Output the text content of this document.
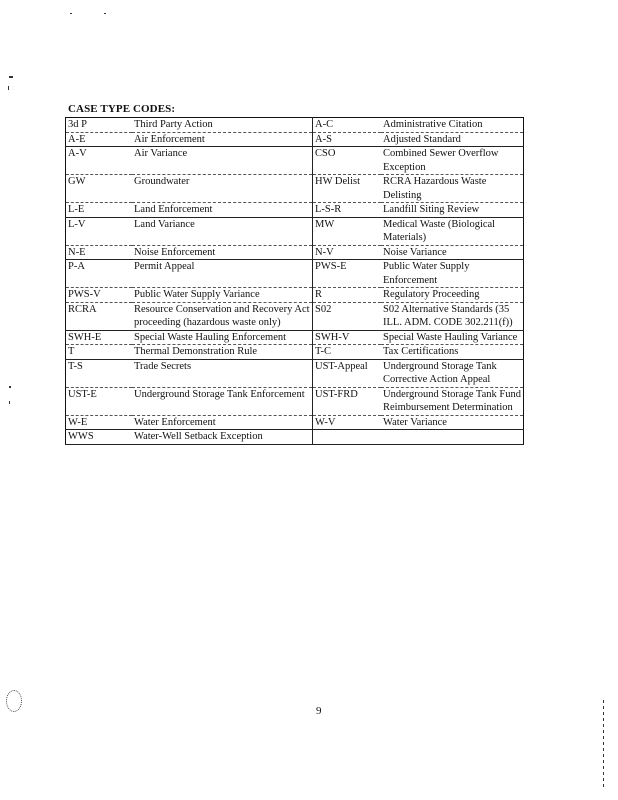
CASE TYPE CODES:
3d P	Third Party Action	A-C	Administrative Citation
A-E	Air Enforcement	A-S	Adjusted Standard
A-V	Air Variance	CSO	Combined Sewer Overflow Exception
GW	Groundwater	HW Delist	RCRA Hazardous Waste Delisting
L-E	Land Enforcement	L-S-R	Landfill Siting Review
L-V	Land Variance	MW	Medical Waste (Biological Materials)
N-E	Noise Enforcement	N-V	Noise Variance
P-A	Permit Appeal	PWS-E	Public Water Supply Enforcement
PWS-V	Public Water Supply Variance	R	Regulatory Proceeding
RCRA	Resource Conservation and Recovery Act proceeding (hazardous waste only)	S02	S02 Alternative Standards (35 ILL. ADM. CODE 302.211(f))
SWH-E	Special Waste Hauling Enforcement	SWH-V	Special Waste Hauling Variance
T	Thermal Demonstration Rule	T-C	Tax Certifications
T-S	Trade Secrets	UST-Appeal	Underground Storage Tank Corrective Action Appeal
UST-E	Underground Storage Tank Enforcement	UST-FRD	Underground Storage Tank Fund Reimbursement Determination
W-E	Water Enforcement	W-V	Water Variance
WWS	Water-Well Setback Exception		
9
